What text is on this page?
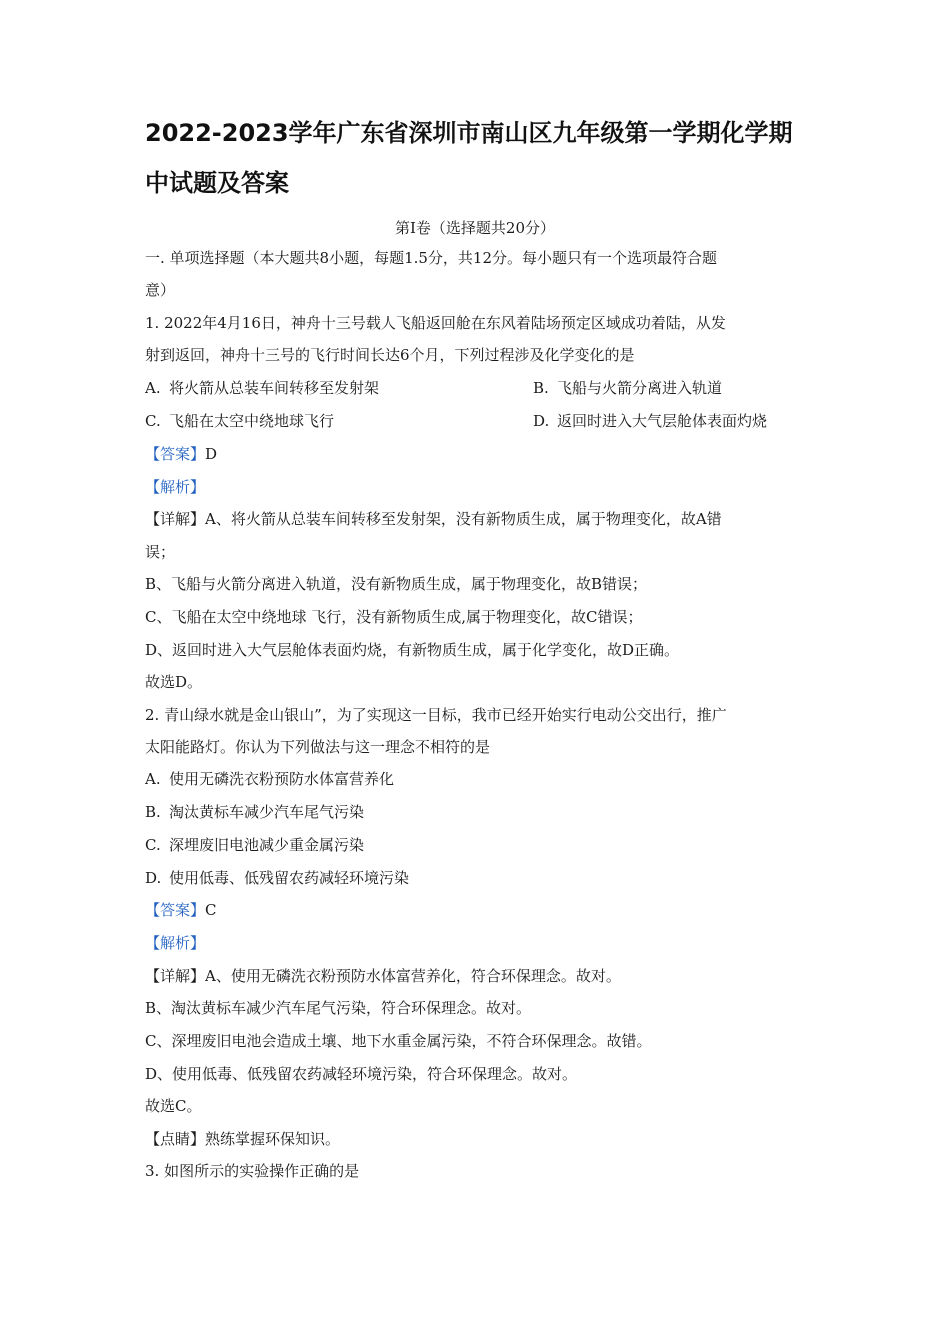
2022-2023学年广东省深圳市南山区九年级第一学期化学期
中试题及答案
第Ⅰ卷（选择题共20分）
一. 单项选择题（本大题共8小题，每题1.5分，共12分。每小题只有一个选项最符合题
意）
1. 2022年4月16日，神舟十三号载人飞船返回舱在东风着陆场预定区域成功着陆，从发
射到返回，神舟十三号的飞行时间长达6个月，下列过程涉及化学变化的是
A. 将火箭从总装车间转移至发射架	B. 飞船与火箭分离进入轨道
C. 飞船在太空中绕地球飞行	D. 返回时进入大气层舱体表面灼烧
【答案】D
【解析】
【详解】A、将火箭从总装车间转移至发射架，没有新物质生成，属于物理变化，故A错
误；
B、飞船与火箭分离进入轨道，没有新物质生成，属于物理变化，故B错误；
C、飞船在太空中绕地球 飞行，没有新物质生成,属于物理变化，故C错误；
D、返回时进入大气层舱体表面灼烧，有新物质生成，属于化学变化，故D正确。
故选D。
2. 青山绿水就是金山银山”，为了实现这一目标，我市已经开始实行电动公交出行，推广
太阳能路灯。你认为下列做法与这一理念不相符的是
A. 使用无磷洗衣粉预防水体富营养化
B. 淘汰黄标车减少汽车尾气污染
C. 深埋废旧电池减少重金属污染
D. 使用低毒、低残留农药减轻环境污染
【答案】C
【解析】
【详解】A、使用无磷洗衣粉预防水体富营养化，符合环保理念。故对。
B、淘汰黄标车减少汽车尾气污染，符合环保理念。故对。
C、深埋废旧电池会造成土壤、地下水重金属污染，不符合环保理念。故错。
D、使用低毒、低残留农药减轻环境污染，符合环保理念。故对。
故选C。
【点睛】熟练掌握环保知识。
3. 如图所示的实验操作正确的是
